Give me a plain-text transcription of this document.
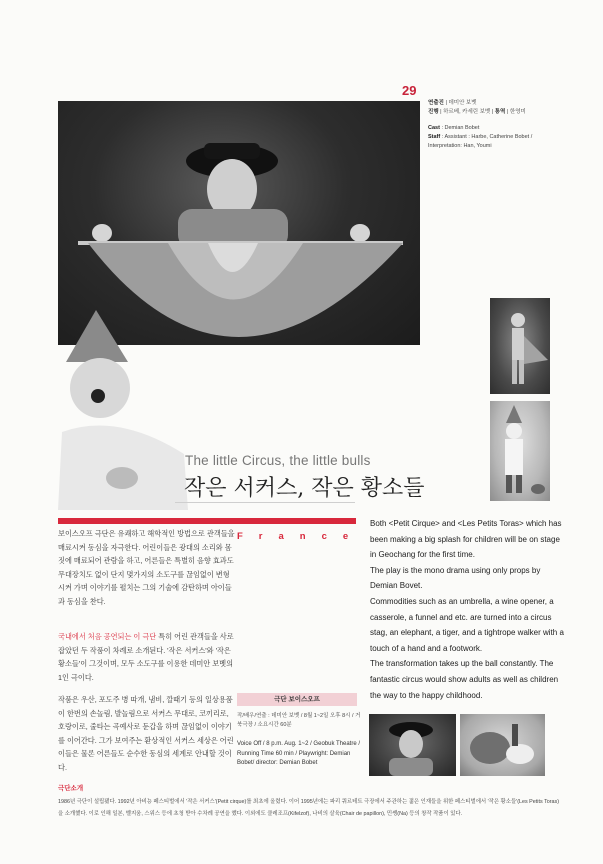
29
연출진 | 데미안 보벳
진행 | 하르베, 카세린 보벳 | 통역 | 한영미
Cast : Demian Bobet
Staff : Assistant : Harbe, Catherine Bobet /
Interpretation: Han, Youmi
The little Circus, the little bulls
작은 서커스, 작은 황소들
France
보이스오프 극단은 유쾌하고 해학적인 방법으로 관객들을 매료시켜 동심을 자극한다. 어린이들은 광대의 소리와 몸짓에 매료되어 관람을 하고, 어른들은 특별히 음향 효과도 무대장치도 없이 단지 몇가지의 소도구를 끊임없이 변형시켜 가며 이야기를 펼치는 그의 기술에 감탄하며 아이들과 동심을 찬다.
국내에서 처음 공연되는 이 극단 특히 어린 관객들을 사로잡았던 두 작품이 차례로 소개된다. '작은 서커스'와 '작은 황소들'이 그것이며, 모두 소도구를 이용한 데미안 보벳의 1인 극이다.
작품은 우산, 포도주 병 따개, 냄비, 깔때기 등의 일상용품이 한번의 손놀림, 발놀림으로 서커스 무대로, 코끼리로, 호랑이로, 줄타는 곡예사로 둔갑을 하며 끊임없이 이야기를 이어간다. 그가 보여주는 환상적인 서커스 세상은 어린이들은 물론 어른들도 순수한 동심의 세계로 안내할 것이다.
극단 보이스오프
작/배우/연출 : 데미안 보벳 / 8월 1~2일 오후 8시 / 거북극장 / 소요시간 60분
Voice Off / 8 p.m. Aug. 1~2 / Geobuk Theatre / Running Time 60 min / Playwright: Demian Bobet/ director: Demian Bobet

Both <Petit Cirque> and <Les Petits Toras> which has been making a big splash for children will be on stage in Geochang for the first time.

The play is the mono drama using only props by Demian Bovet.

Commodities such as an umbrella, a wine opener, a casserole, a funnel and etc. are turned into a circus stag, an elephant, a tiger, and a tightrope walker with a touch of a hand and a footwork.

The transformation takes up the ball constantly. The fantastic circus would show adults as well as children the way to the happy childhood.

극단소개
1986년 극단이 설립됐다. 1992년 아비뇽 페스티벌에서 '작은 서커스'(Petit cirque)를 최초에 올렸다. 이어 1995년에는 파리 쿼르테트 극장에서 주관하는 젊은 인재들을 위한 페스티벌에서 '작은 황소들'(Les Petits Toras)을 소개했다. 이로 인해 일본, 벨지움, 스위스 등에 초청 받아 수차례 공연을 했다. 이외에도 클레조프(Kifelzof), 나비의 살육(Chair de papillon), 민쌩(Na) 등의 창작 작품이 있다.
